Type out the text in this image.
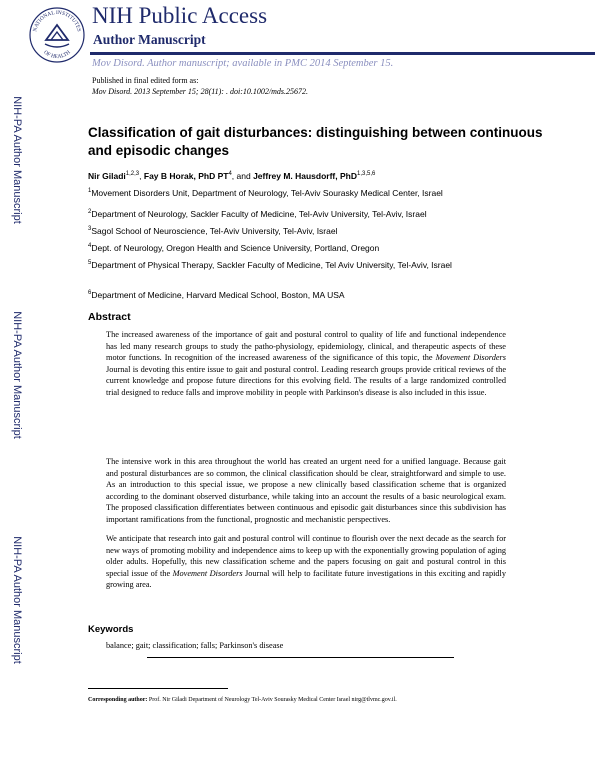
NATIONAL INSTITUTES
OF HEALTH
NIH Public Access
Author Manuscript
Mov Disord. Author manuscript; available in PMC 2014 September 15.
NIH-PA Author Manuscript
NIH-PA Author Manuscript
NIH-PA Author Manuscript
Published in final edited form as:
Mov Disord. 2013 September 15; 28(11): . doi:10.1002/mds.25672.
Classification of gait disturbances: distinguishing between continuous and episodic changes
Nir Giladi$^{1,2,3}$, Fay B Horak, PhD $PT^4$, and Jeffrey M. Hausdorff, PhD$^{1,3,5,6}$
$^1$Movement Disorders Unit, Department of Neurology, Tel-Aviv Sourasky Medical Center, Israel
$^2$Department of Neurology, Sackler Faculty of Medicine, Tel-Aviv University, Tel-Aviv, Israel
$^3$Sagol School of Neuroscience, Tel-Aviv University, Tel-Aviv, Israel
$^4$Dept. of Neurology, Oregon Health and Science University, Portland, Oregon
$^5$Department of Physical Therapy, Sackler Faculty of Medicine, Tel Aviv University, Tel-Aviv, Israel
$^6$Department of Medicine, Harvard Medical School, Boston, MA USA
Abstract
The increased awareness of the importance of gait and postural control to quality of life and functional independence has led many research groups to study the patho-physiology, epidemiology, clinical, and therapeutic aspects of these motor functions. In recognition of the increased awareness of the significance of this topic, the Movement Disorders Journal is devoting this entire issue to gait and postural control. Leading research groups provide critical reviews of the current knowledge and propose future directions for this evolving field. The results of a large randomized controlled trial designed to reduce falls and improve mobility in people with Parkinson's disease is also included in this issue.
The intensive work in this area throughout the world has created an urgent need for a unified language. Because gait and postural disturbances are so common, the clinical classification should be clear, straightforward and simple to use. As an introduction to this special issue, we propose a new clinically based classification scheme that is organized according to the dominant observed disturbance, while taking into an account the results of a basic neurological exam. The proposed classification differentiates between continuous and episodic gait disturbances since this subdivision has important ramifications from the functional, prognostic and mechanistic perspectives.
We anticipate that research into gait and postural control will continue to flourish over the next decade as the search for new ways of promoting mobility and independence aims to keep up with the exponentially growing population of aging older adults. Hopefully, this new classification scheme and the papers focusing on gait and postural control in this special issue of the Movement Disorders Journal will help to facilitate future investigations in this exciting and rapidly growing area.
Keywords
balance; gait; classification; falls; Parkinson's disease
Corresponding author: Prof. Nir Giladi Department of Neurology Tel-Aviv Sourasky Medical Center Israel nirg@tlvmc.gov.il.
